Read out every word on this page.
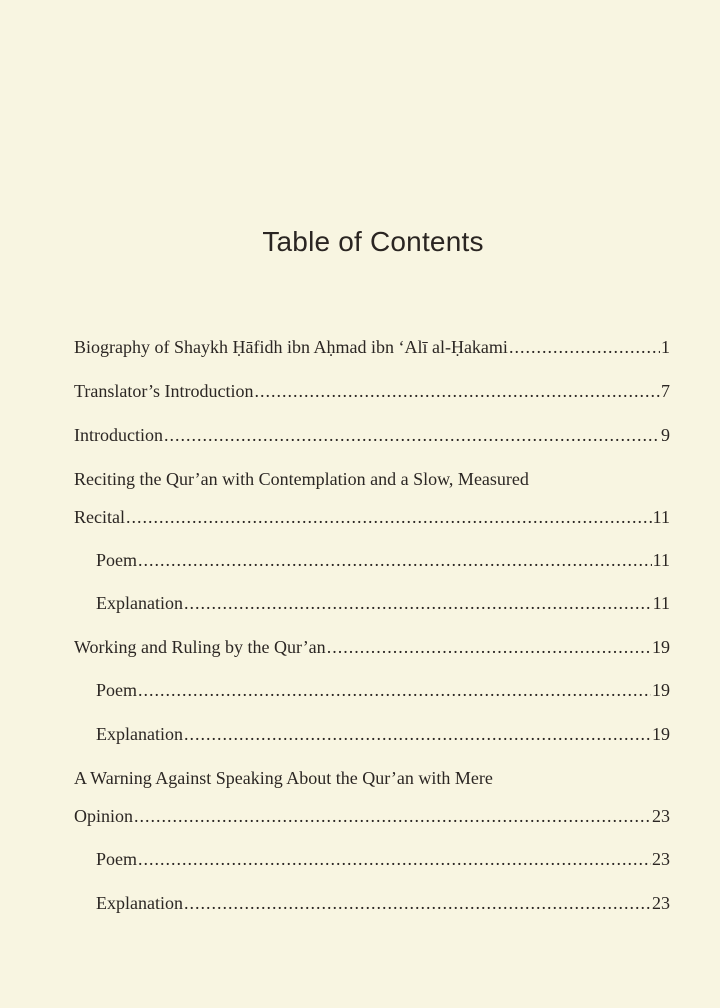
Table of Contents
Biography of Shaykh Ḥāfidh ibn Aḥmad ibn ‘Alī al-Ḥakami .....	1
Translator’s Introduction .....	7
Introduction .....	9
Reciting the Qur’an with Contemplation and a Slow, Measured
Recital .....	11
Poem .....	11
Explanation .....	11
Working and Ruling by the Qur’an .....	19
Poem .....	19
Explanation .....	19
A Warning Against Speaking About the Qur’an with Mere
Opinion .....	23
Poem .....	23
Explanation .....	23
